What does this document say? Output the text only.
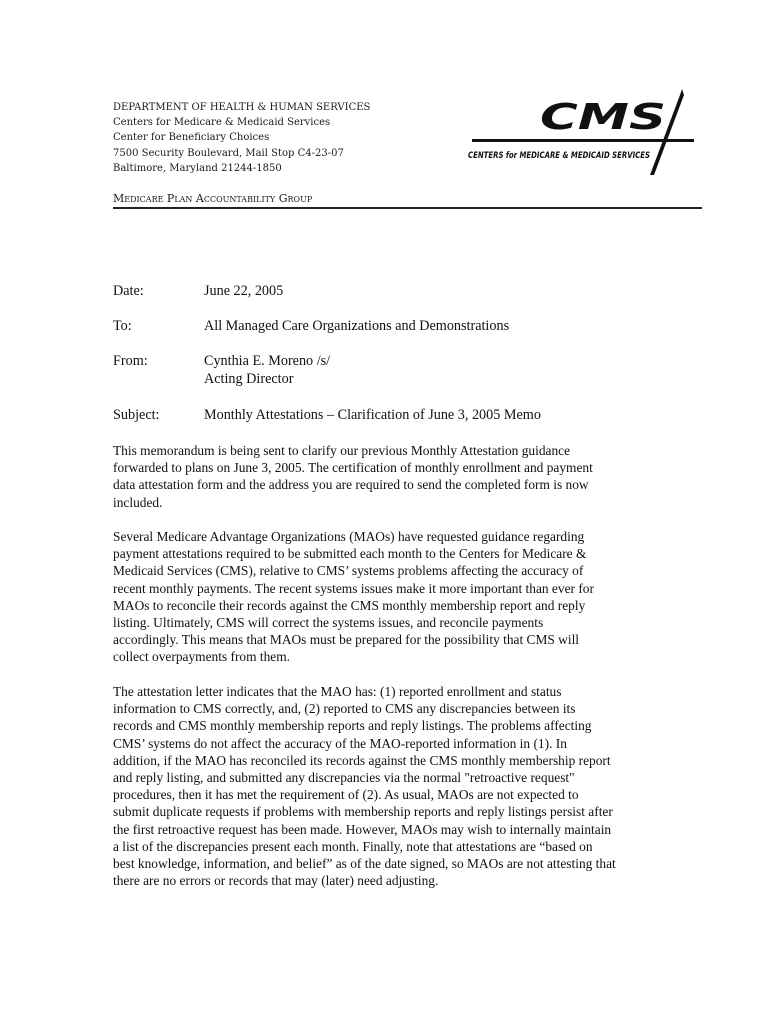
DEPARTMENT OF HEALTH & HUMAN SERVICES
Centers for Medicare & Medicaid Services
Center for Beneficiary Choices
7500 Security Boulevard, Mail Stop C4-23-07
Baltimore, Maryland 21244-1850
CMS
CENTERS for MEDICARE & MEDICAID SERVICES
Medicare Plan Accountability Group
Date:	June 22, 2005
To:	All Managed Care Organizations and Demonstrations
From:	Cynthia E. Moreno /s/
Acting Director
Subject:	Monthly Attestations – Clarification of June 3, 2005 Memo
This memorandum is being sent to clarify our previous Monthly Attestation guidance
forwarded to plans on June 3, 2005. The certification of monthly enrollment and payment
data attestation form and the address you are required to send the completed form is now
included.
Several Medicare Advantage Organizations (MAOs) have requested guidance regarding
payment attestations required to be submitted each month to the Centers for Medicare &
Medicaid Services (CMS), relative to CMS’ systems problems affecting the accuracy of
recent monthly payments. The recent systems issues make it more important than ever for
MAOs to reconcile their records against the CMS monthly membership report and reply
listing. Ultimately, CMS will correct the systems issues, and reconcile payments
accordingly. This means that MAOs must be prepared for the possibility that CMS will
collect overpayments from them.
The attestation letter indicates that the MAO has: (1) reported enrollment and status
information to CMS correctly, and, (2) reported to CMS any discrepancies between its
records and CMS monthly membership reports and reply listings. The problems affecting
CMS’ systems do not affect the accuracy of the MAO-reported information in (1). In
addition, if the MAO has reconciled its records against the CMS monthly membership report
and reply listing, and submitted any discrepancies via the normal "retroactive request"
procedures, then it has met the requirement of (2). As usual, MAOs are not expected to
submit duplicate requests if problems with membership reports and reply listings persist after
the first retroactive request has been made. However, MAOs may wish to internally maintain
a list of the discrepancies present each month. Finally, note that attestations are “based on
best knowledge, information, and belief” as of the date signed, so MAOs are not attesting that
there are no errors or records that may (later) need adjusting.
